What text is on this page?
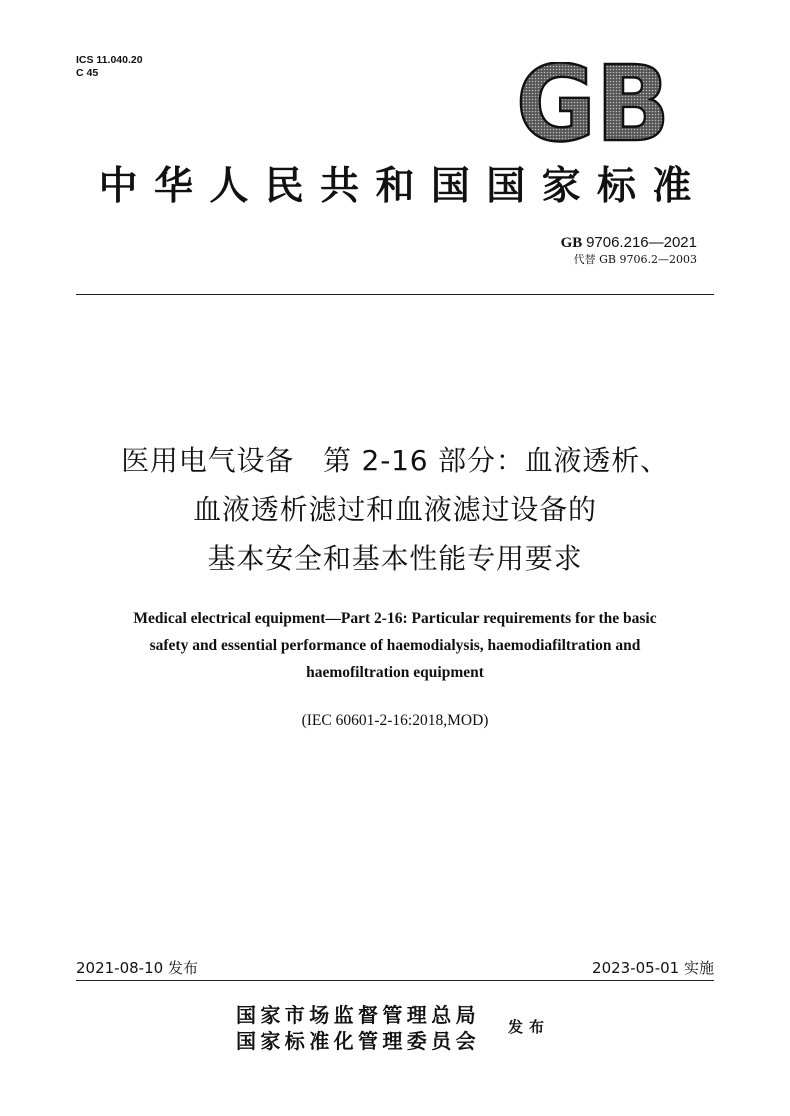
ICS 11.040.20
C 45	GB
中华人民共和国国家标准
GB 9706.216—2021
代替 GB 9706.2—2003
医用电气设备　第 2-16 部分：血液透析、
血液透析滤过和血液滤过设备的
基本安全和基本性能专用要求
Medical electrical equipment—Part 2-16: Particular requirements for the basic
safety and essential performance of haemodialysis, haemodiafiltration and
haemofiltration equipment
(IEC 60601-2-16:2018,MOD)
2021-08-10 发布	2023-05-01 实施
国家市场监督管理总局
国家标准化管理委员会
发布
